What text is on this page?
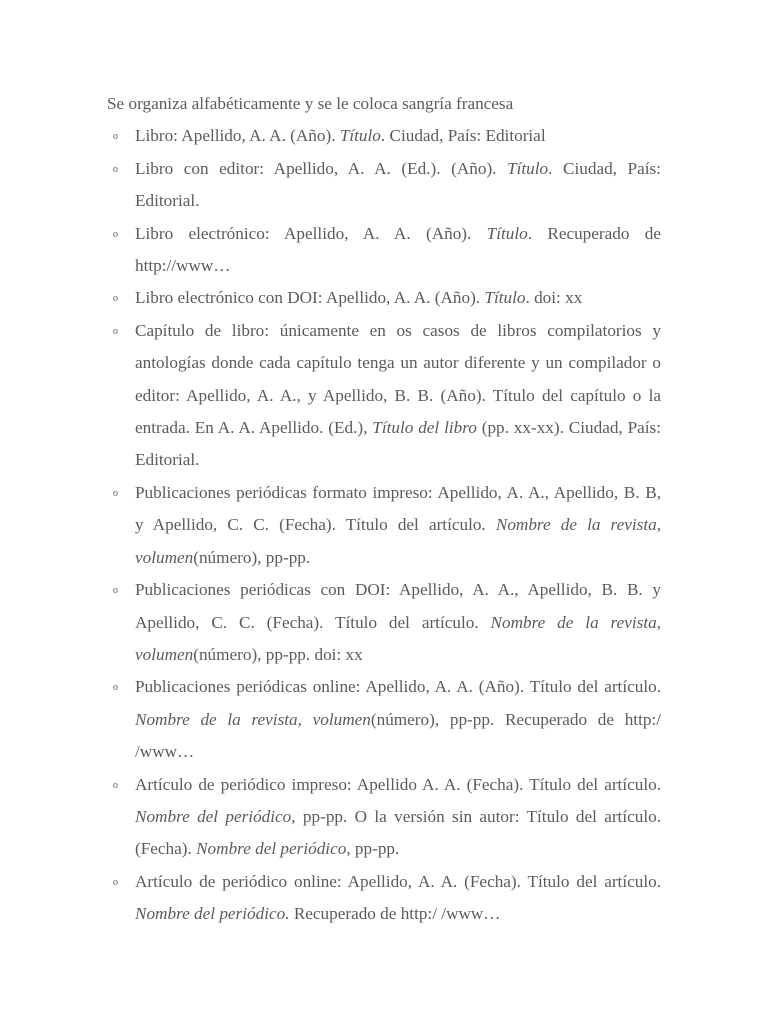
Se organiza alfabéticamente y se le coloca sangría francesa

o Libro: Apellido, A. A. (Año). Título. Ciudad, País: Editorial
o Libro con editor: Apellido, A. A. (Ed.). (Año). Título. Ciudad, País: Editorial.
o Libro electrónico: Apellido, A. A. (Año). Título. Recuperado de http://www…
o Libro electrónico con DOI: Apellido, A. A. (Año). Título. doi: xx
o Capítulo de libro: únicamente en os casos de libros compilatorios y antologías donde cada capítulo tenga un autor diferente y un compilador o editor: Apellido, A. A., y Apellido, B. B. (Año). Título del capítulo o la entrada. En A. A. Apellido. (Ed.), Título del libro (pp. xx-xx). Ciudad, País: Editorial.
o Publicaciones periódicas formato impreso: Apellido, A. A., Apellido, B. B, y Apellido, C. C. (Fecha). Título del artículo. Nombre de la revista, volumen(número), pp-pp.
o Publicaciones periódicas con DOI: Apellido, A. A., Apellido, B. B. y Apellido, C. C. (Fecha). Título del artículo. Nombre de la revista, volumen(número), pp-pp. doi: xx
o Publicaciones periódicas online: Apellido, A. A. (Año). Título del artículo. Nombre de la revista, volumen(número), pp-pp. Recuperado de http:/ /www…
o Artículo de periódico impreso: Apellido A. A. (Fecha). Título del artículo. Nombre del periódico, pp-pp. O la versión sin autor: Título del artículo. (Fecha). Nombre del periódico, pp-pp.
o Artículo de periódico online: Apellido, A. A. (Fecha). Título del artículo. Nombre del periódico. Recuperado de http:/ /www…
